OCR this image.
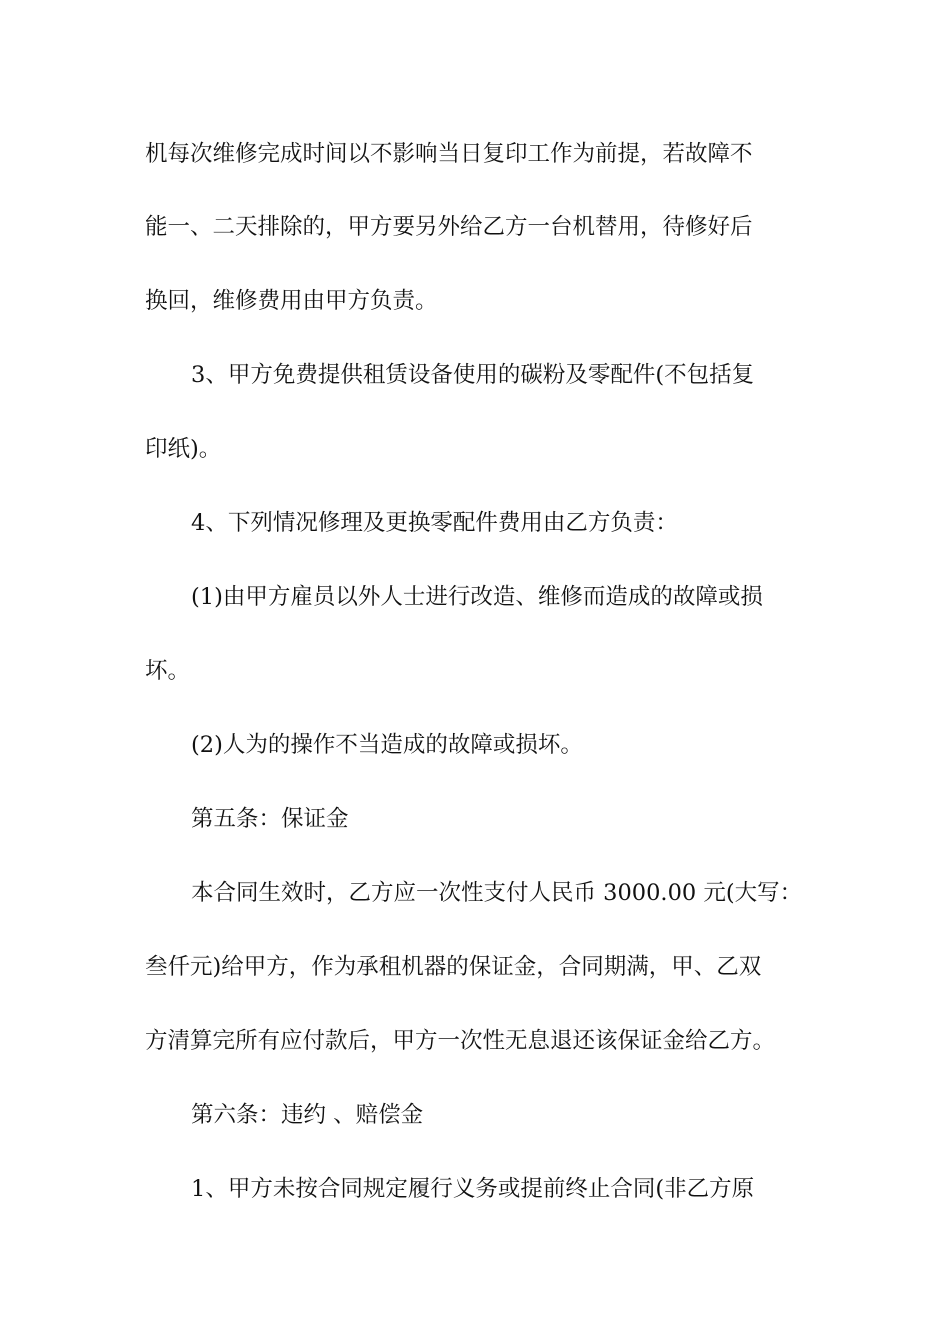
机每次维修完成时间以不影响当日复印工作为前提，若故障不
能一、二天排除的，甲方要另外给乙方一台机替用，待修好后
换回，维修费用由甲方负责。
3、甲方免费提供租赁设备使用的碳粉及零配件(不包括复
印纸)。
4、下列情况修理及更换零配件费用由乙方负责：
(1)由甲方雇员以外人士进行改造、维修而造成的故障或损
坏。
(2)人为的操作不当造成的故障或损坏。
第五条：保证金
本合同生效时，乙方应一次性支付人民币 3000.00 元(大写：
叁仟元)给甲方，作为承租机器的保证金，合同期满，甲、乙双
方清算完所有应付款后，甲方一次性无息退还该保证金给乙方。
第六条：违约 、赔偿金
1、甲方未按合同规定履行义务或提前终止合同(非乙方原
